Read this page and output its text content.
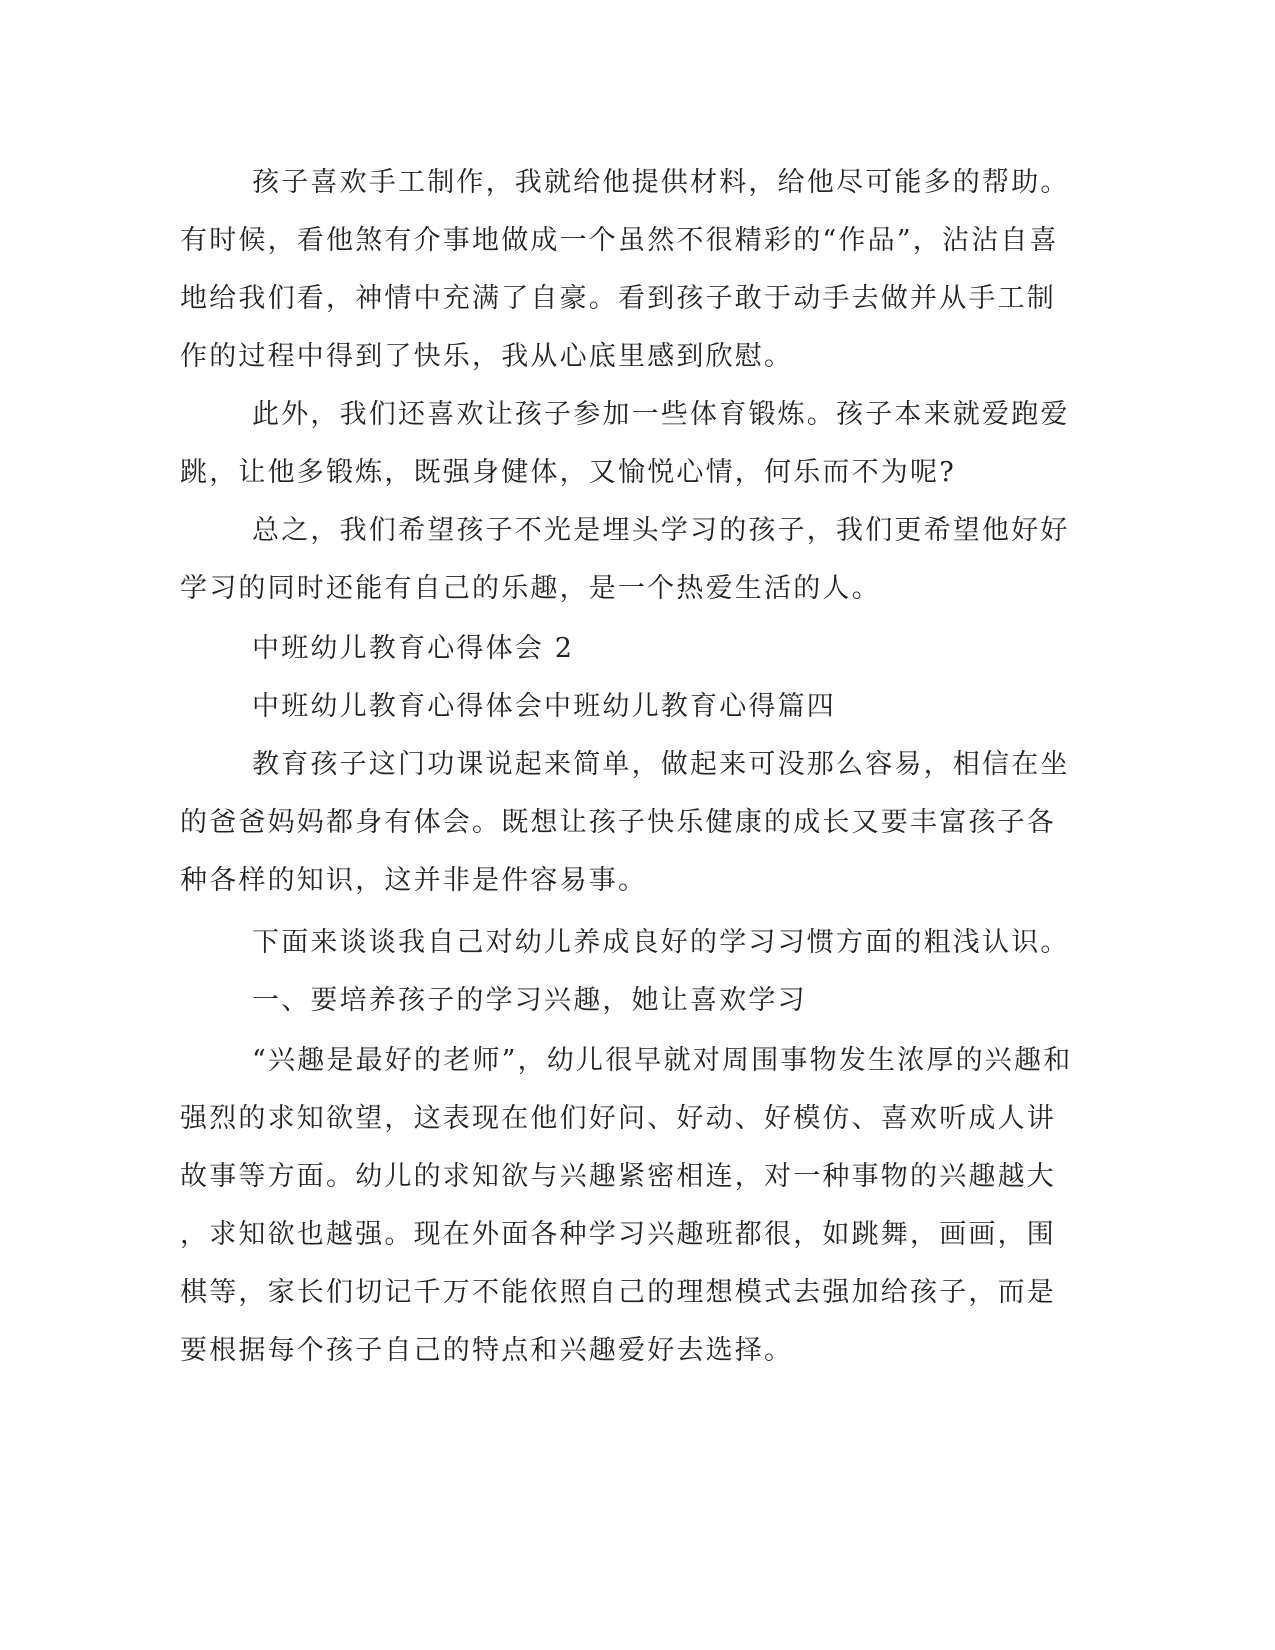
孩子喜欢手工制作，我就给他提供材料，给他尽可能多的帮助。
有时候，看他煞有介事地做成一个虽然不很精彩的“作品”，沾沾自喜
地给我们看，神情中充满了自豪。看到孩子敢于动手去做并从手工制
作的过程中得到了快乐，我从心底里感到欣慰。
此外，我们还喜欢让孩子参加一些体育锻炼。孩子本来就爱跑爱
跳，让他多锻炼，既强身健体，又愉悦心情，何乐而不为呢?
总之，我们希望孩子不光是埋头学习的孩子，我们更希望他好好
学习的同时还能有自己的乐趣，是一个热爱生活的人。
中班幼儿教育心得体会 2
中班幼儿教育心得体会中班幼儿教育心得篇四
教育孩子这门功课说起来简单，做起来可没那么容易，相信在坐
的爸爸妈妈都身有体会。既想让孩子快乐健康的成长又要丰富孩子各
种各样的知识，这并非是件容易事。
下面来谈谈我自己对幼儿养成良好的学习习惯方面的粗浅认识。
一、要培养孩子的学习兴趣，她让喜欢学习
“兴趣是最好的老师”，幼儿很早就对周围事物发生浓厚的兴趣和
强烈的求知欲望，这表现在他们好问、好动、好模仿、喜欢听成人讲
故事等方面。幼儿的求知欲与兴趣紧密相连，对一种事物的兴趣越大
，求知欲也越强。现在外面各种学习兴趣班都很，如跳舞，画画，围
棋等，家长们切记千万不能依照自己的理想模式去强加给孩子，而是
要根据每个孩子自己的特点和兴趣爱好去选择。
